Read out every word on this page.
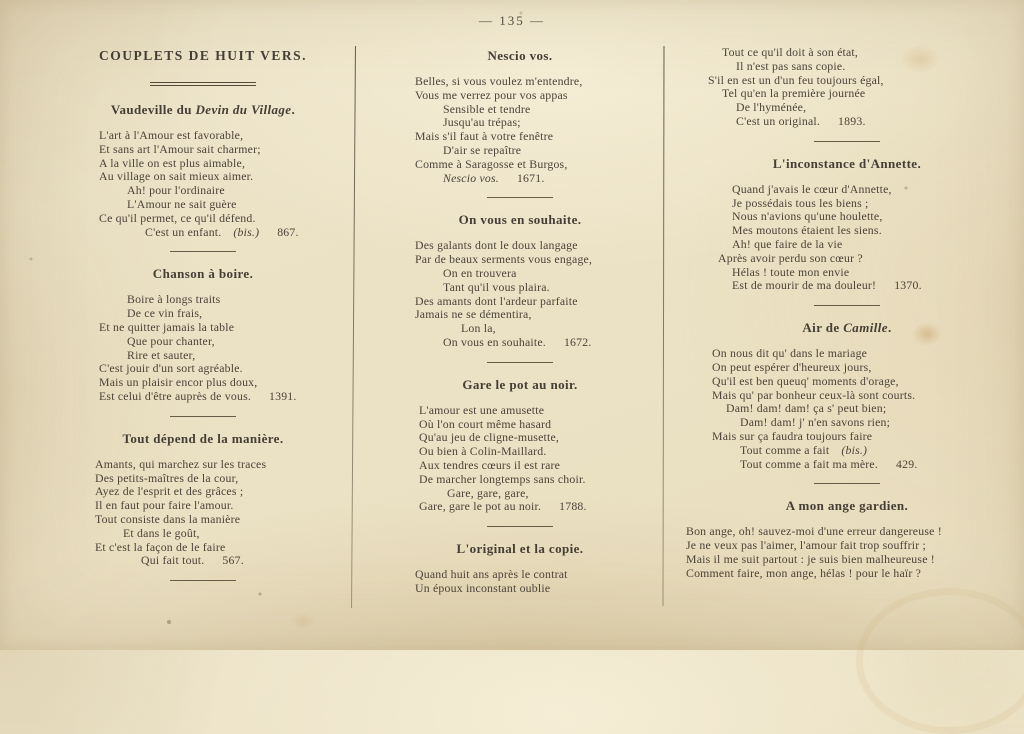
— 135 —
COUPLETS DE HUIT VERS.
Vaudeville du Devin du Village.
L'art à l'Amour est favorable,
Et sans art l'Amour sait charmer;
A la ville on est plus aimable,
Au village on sait mieux aimer.
Ah! pour l'ordinaire
L'Amour ne sait guère
Ce qu'il permet, ce qu'il défend.
C'est un enfant. (bis.) 867.
Chanson à boire.
Boire à longs traits
De ce vin frais,
Et ne quitter jamais la table
Que pour chanter,
Rire et sauter,
C'est jouir d'un sort agréable.
Mais un plaisir encor plus doux,
Est celui d'être auprès de vous. 1391.
Tout dépend de la manière.
Amants, qui marchez sur les traces
Des petits-maîtres de la cour,
Ayez de l'esprit et des grâces ;
Il en faut pour faire l'amour.
Tout consiste dans la manière
Et dans le goût,
Et c'est la façon de le faire
Qui fait tout. 567.
Nescio vos.
Belles, si vous voulez m'entendre,
Vous me verrez pour vos appas
Sensible et tendre
Jusqu'au trépas;
Mais s'il faut à votre fenêtre
D'air se repaître
Comme à Saragosse et Burgos,
Nescio vos. 1671.
On vous en souhaite.
Des galants dont le doux langage
Par de beaux serments vous engage,
On en trouvera
Tant qu'il vous plaira.
Des amants dont l'ardeur parfaite
Jamais ne se démentira,
Lon la,
On vous en souhaite. 1672.
Gare le pot au noir.
L'amour est une amusette
Où l'on court même hasard
Qu'au jeu de cligne-musette,
Ou bien à Colin-Maillard.
Aux tendres cœurs il est rare
De marcher longtemps sans choir.
Gare, gare, gare,
Gare, gare le pot au noir. 1788.
L'original et la copie.
Quand huit ans après le contrat
Un époux inconstant oublie
Tout ce qu'il doit à son état,
Il n'est pas sans copie.
S'il en est un d'un feu toujours égal,
Tel qu'en la première journée
De l'hyménée,
C'est un original. 1893.
L'inconstance d'Annette.
Quand j'avais le cœur d'Annette,
Je possédais tous les biens ;
Nous n'avions qu'une houlette,
Mes moutons étaient les siens.
Ah! que faire de la vie
Après avoir perdu son cœur ?
Hélas ! toute mon envie
Est de mourir de ma douleur! 1370.
Air de Camille.
On nous dit qu' dans le mariage
On peut espérer d'heureux jours,
Qu'il est ben queuq' moments d'orage,
Mais qu' par bonheur ceux-là sont courts.
Dam! dam! dam! ça s' peut bien;
Dam! dam! j' n'en savons rien;
Mais sur ça faudra toujours faire
Tout comme a fait (bis.)
Tout comme a fait ma mère. 429.
A mon ange gardien.
Bon ange, oh! sauvez-moi d'une erreur dangereuse !
Je ne veux pas l'aimer, l'amour fait trop souffrir ;
Mais il me suit partout : je suis bien malheureuse !
Comment faire, mon ange, hélas ! pour le haïr ?
